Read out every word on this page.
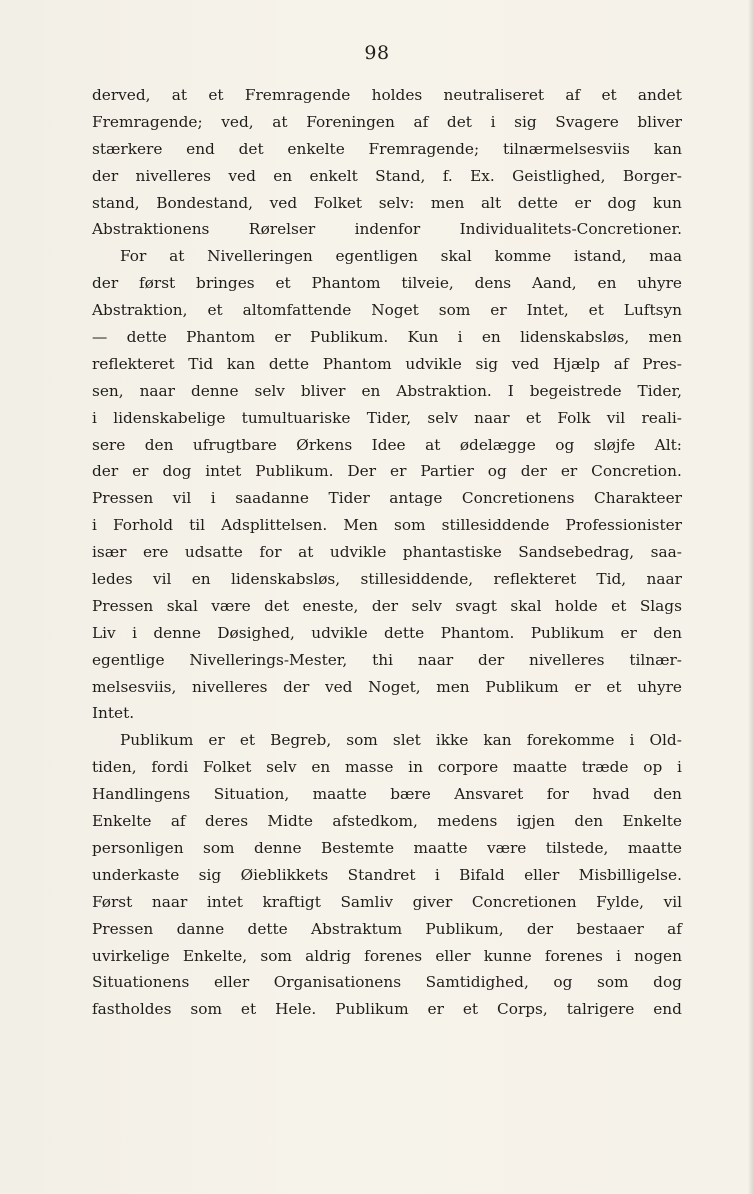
98
derved, at et Fremragende holdes neutraliseret af et andet
Fremragende; ved, at Foreningen af det i sig Svagere bliver
stærkere end det enkelte Fremragende; tilnærmelsesviis kan
der nivelleres ved en enkelt Stand, f. Ex. Geistlighed, Borger-
stand, Bondestand, ved Folket selv: men alt dette er dog kun
Abstraktionens	Rørelser	indenfor	Individualitets-Concretioner.
For at Nivelleringen egentligen skal komme istand, maa
der først bringes et Phantom tilveie, dens Aand, en uhyre
Abstraktion, et altomfattende Noget som er Intet, et Luftsyn
— dette Phantom er Publikum. Kun i en lidenskabsløs, men
reflekteret Tid kan dette Phantom udvikle sig ved Hjælp af Pres-
sen, naar denne selv bliver en Abstraktion. I begeistrede Tider,
i lidenskabelige tumultuariske Tider, selv naar et Folk vil reali-
sere den ufrugtbare Ørkens Idee at ødelægge og sløjfe Alt:
der er dog intet Publikum. Der er Partier og der er Concretion.
Pressen vil i saadanne Tider antage Concretionens Charakteer
i Forhold til Adsplittelsen. Men som stillesiddende Professionister
især ere udsatte for at udvikle phantastiske Sandsebedrag, saa-
ledes vil en lidenskabsløs, stillesiddende, reflekteret Tid, naar
Pressen skal være det eneste, der selv svagt skal holde et Slags
Liv i denne Døsighed, udvikle dette Phantom. Publikum er den
egentlige Nivellerings-Mester, thi naar der nivelleres tilnær-
melsesviis, nivelleres der ved Noget, men Publikum er et uhyre
Intet.
Publikum er et Begreb, som slet ikke kan forekomme i Old-
tiden, fordi Folket selv en masse in corpore maatte træde op i
Handlingens Situation, maatte bære Ansvaret for hvad den
Enkelte af deres Midte afstedkom, medens igjen den Enkelte
personligen som denne Bestemte maatte være tilstede, maatte
underkaste sig Øieblikkets Standret i Bifald eller Misbilligelse.
Først naar intet kraftigt Samliv giver Concretionen Fylde, vil
Pressen danne dette Abstraktum Publikum, der bestaaer af
uvirkelige Enkelte, som aldrig forenes eller kunne forenes i nogen
Situationens eller Organisationens Samtidighed, og som dog
fastholdes som et Hele. Publikum er et Corps, talrigere end
